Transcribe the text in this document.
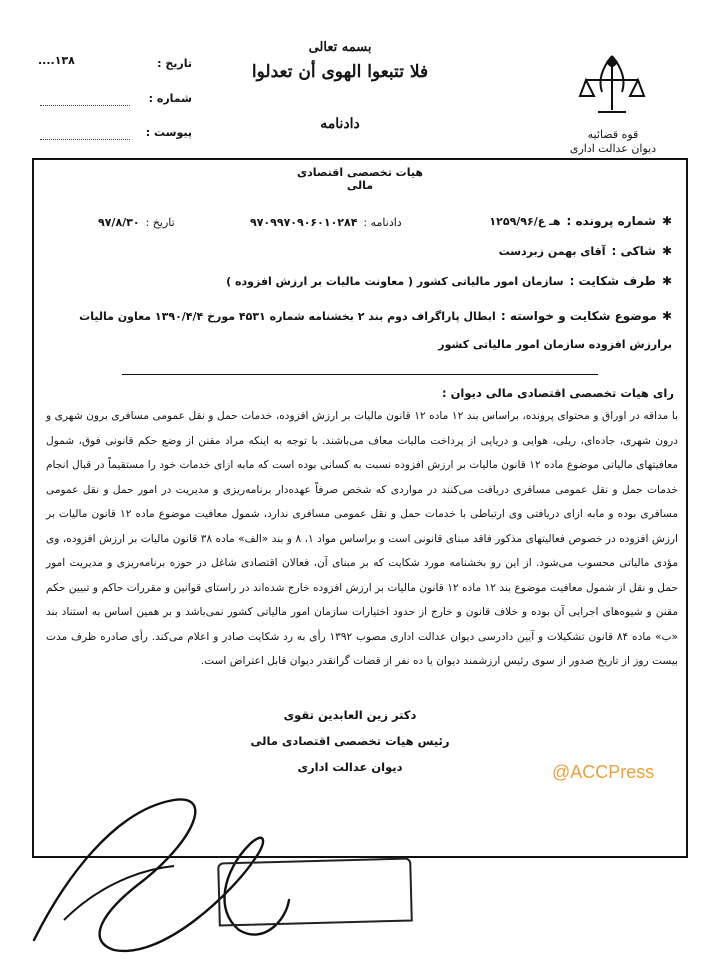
قوه قضائیه
دیوان عدالت اداری
بسمه تعالی
فلا تتبعوا الهوی أن تعدلوا
دادنامه
تاریخ :
۱۳۸....
شماره :
پیوست :
هیات تخصصی اقتصادی مالی
✱
شماره پرونده :
هـ ع/۱۲۵۹/۹۶
دادنامه :
۹۷۰۹۹۷۰۹۰۶۰۱۰۲۸۴
تاریخ :
۹۷/۸/۳۰
✱
شاکی :
آقای بهمن زبردست
✱
طرف شکایت :
سازمان امور مالیاتی کشور ( معاونت مالیات بر ارزش افزوده )
✱ موضوع شکایت و خواسته : ابطال پاراگراف دوم بند ۲ بخشنامه شماره ۴۵۳۱ مورخ ۱۳۹۰/۴/۴ معاون مالیات برارزش افزوده سازمان امور مالیاتی کشور
رای هیات تخصصی اقتصادی مالی دیوان :
با مداقه در اوراق و محتوای پرونده، براساس بند ۱۲ ماده ۱۲ قانون مالیات بر ارزش افزوده، خدمات حمل و نقل عمومی مسافری برون شهری و درون شهری، جاده‌ای، ریلی، هوایی و دریایی از پرداخت مالیات معاف می‌باشند. با توجه به اینکه مراد مقنن از وضع حکم قانونی فوق، شمول معافیتهای مالیاتی موضوع ماده ۱۲ قانون مالیات بر ارزش افزوده نسبت به کسانی بوده است که مابه ازای خدمات خود را مستقیماً در قبال انجام خدمات حمل و نقل عمومی مسافری دریافت می‌کنند در مواردی که شخص صرفاً عهده‌دار برنامه‌ریزی و مدیریت در امور حمل و نقل عمومی مسافری بوده و مابه ازای دریافتی وی ارتباطی با خدمات حمل و نقل عمومی مسافری ندارد، شمول معافیت موضوع ماده ۱۲ قانون مالیات بر ارزش افزوده در خصوص فعالیتهای مذکور فاقد مبنای قانونی است و براساس مواد ۱، ۸ و بند «الف» ماده ۳۸ قانون مالیات بر ارزش افزوده، وی مؤدی مالیاتی محسوب می‌شود. از این رو بخشنامه مورد شکایت که بر مبنای آن، فعالان اقتصادی شاغل در حوزه برنامه‌ریزی و مدیریت امور حمل و نقل از شمول معافیت موضوع بند ۱۲ ماده ۱۲ قانون مالیات بر ارزش افزوده خارج شده‌اند در راستای قوانین و مقررات حاکم و تبیین حکم مقنن و شیوه‌های اجرایی آن بوده و خلاف قانون و خارج از حدود اختیارات سازمان امور مالیاتی کشور نمی‌باشد و بر همین اساس به استناد بند «ب» ماده ۸۴ قانون تشکیلات و آیین دادرسی دیوان عدالت اداری مصوب ۱۳۹۲ رأی به رد شکایت صادر و اعلام می‌کند. رأی صادره ظرف مدت بیست روز از تاریخ صدور از سوی رئیس ارزشمند دیوان یا ده نفر از قضات گرانقدر دیوان قابل اعتراض است.
دکتر زین العابدین تقوی
رئیس هیات تخصصی اقتصادی مالی
دیوان عدالت اداری	@ACCPress
